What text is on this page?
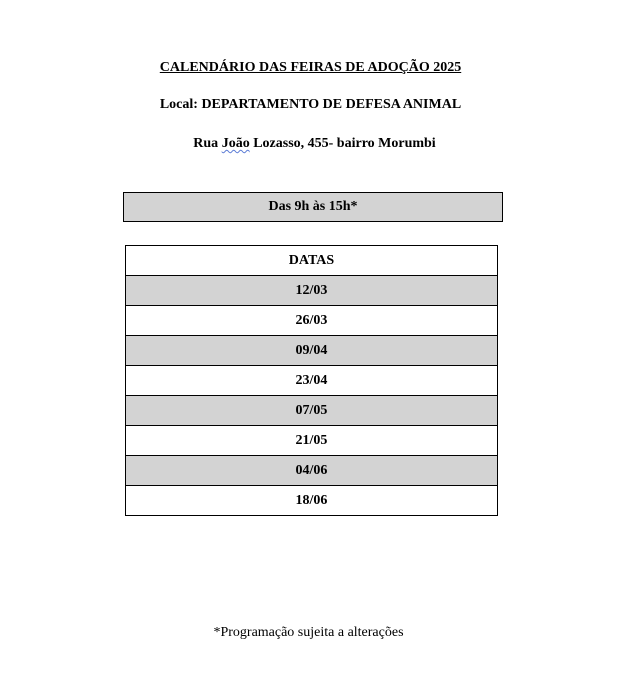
CALENDÁRIO DAS FEIRAS DE ADOÇÃO 2025
Local: DEPARTAMENTO DE DEFESA ANIMAL
Rua João Lozasso, 455- bairro Morumbi
Das 9h às 15h*
DATAS
12/03
26/03
09/04
23/04
07/05
21/05
04/06
18/06
*Programação sujeita a alterações
